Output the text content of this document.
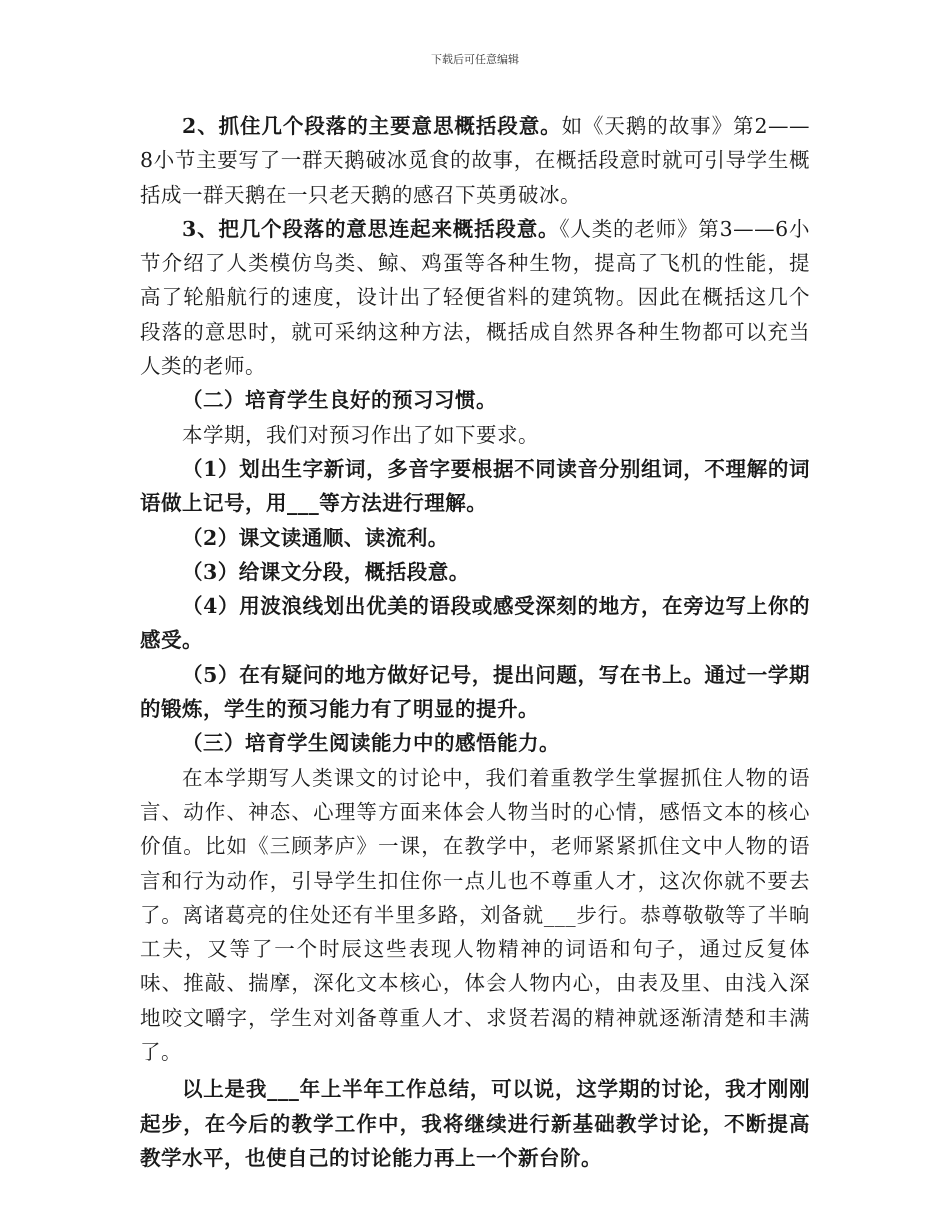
下载后可任意编辑

2、抓住几个段落的主要意思概括段意。如《天鹅的故事》第2——8小节主要写了一群天鹅破冰觅食的故事，在概括段意时就可引导学生概括成一群天鹅在一只老天鹅的感召下英勇破冰。

3、把几个段落的意思连起来概括段意。《人类的老师》第3——6小节介绍了人类模仿鸟类、鲸、鸡蛋等各种生物，提高了飞机的性能，提高了轮船航行的速度，设计出了轻便省料的建筑物。因此在概括这几个段落的意思时，就可采纳这种方法，概括成自然界各种生物都可以充当人类的老师。

（二）培育学生良好的预习习惯。

本学期，我们对预习作出了如下要求。

（1）划出生字新词，多音字要根据不同读音分别组词，不理解的词语做上记号，用___等方法进行理解。

（2）课文读通顺、读流利。

（3）给课文分段，概括段意。

（4）用波浪线划出优美的语段或感受深刻的地方，在旁边写上你的感受。

（5）在有疑问的地方做好记号，提出问题，写在书上。通过一学期的锻炼，学生的预习能力有了明显的提升。

（三）培育学生阅读能力中的感悟能力。

在本学期写人类课文的讨论中，我们着重教学生掌握抓住人物的语言、动作、神态、心理等方面来体会人物当时的心情，感悟文本的核心价值。比如《三顾茅庐》一课，在教学中，老师紧紧抓住文中人物的语言和行为动作，引导学生扣住你一点儿也不尊重人才，这次你就不要去了。离诸葛亮的住处还有半里多路，刘备就___步行。恭尊敬敬等了半晌工夫，又等了一个时辰这些表现人物精神的词语和句子，通过反复体味、推敲、揣摩，深化文本核心，体会人物内心，由表及里、由浅入深地咬文嚼字，学生对刘备尊重人才、求贤若渴的精神就逐渐清楚和丰满了。

以上是我___年上半年工作总结，可以说，这学期的讨论，我才刚刚起步，在今后的教学工作中，我将继续进行新基础教学讨论，不断提高教学水平，也使自己的讨论能力再上一个新台阶。
